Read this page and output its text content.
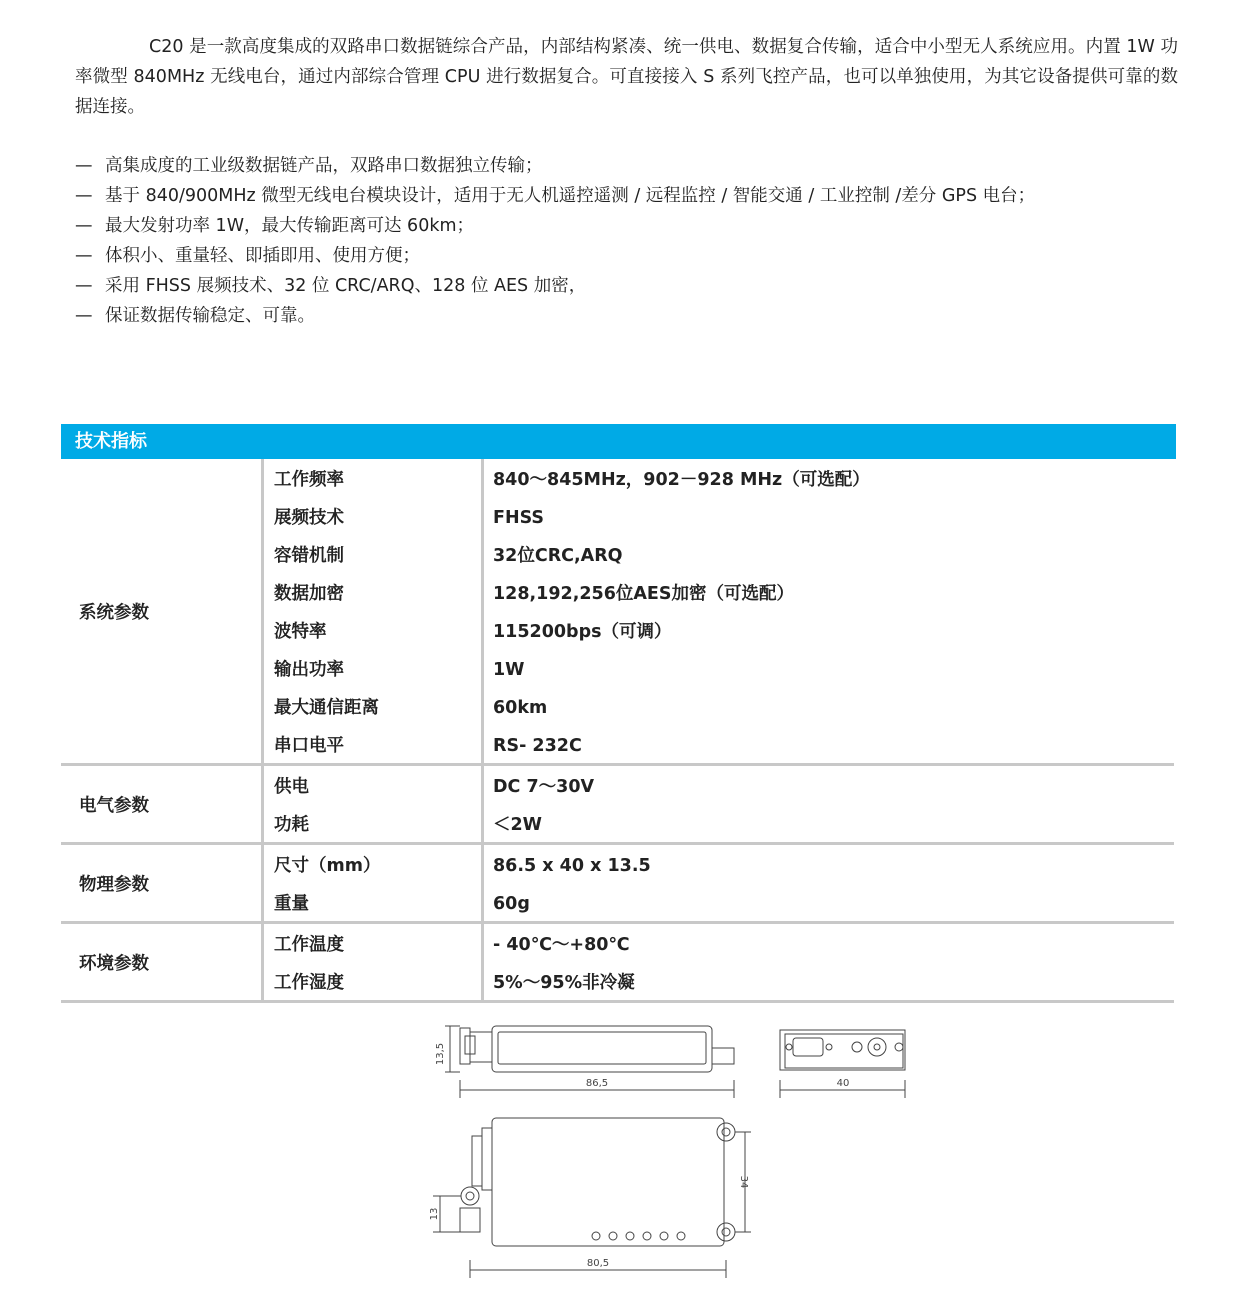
C20 是一款高度集成的双路串口数据链综合产品，内部结构紧凑、统一供电、数据复合传输，适合中小型无人系统应用。内置 1W 功率微型 840MHz 无线电台，通过内部综合管理 CPU 进行数据复合。可直接接入 S 系列飞控产品，也可以单独使用，为其它设备提供可靠的数据连接。
— 高集成度的工业级数据链产品，双路串口数据独立传输；
— 基于 840/900MHz 微型无线电台模块设计，适用于无人机遥控遥测 / 远程监控 / 智能交通 / 工业控制 /差分 GPS 电台；
— 最大发射功率 1W，最大传输距离可达 60km；
— 体积小、重量轻、即插即用、使用方便；
— 采用 FHSS 展频技术、32 位 CRC/ARQ、128 位 AES 加密，
— 保证数据传输稳定、可靠。
技术指标
系统参数
工作频率	840～845MHz，902－928 MHz（可选配）
展频技术	FHSS
容错机制	32位CRC,ARQ
数据加密	128,192,256位AES加密（可选配）
波特率	115200bps（可调）
输出功率	1W
最大通信距离	60km
串口电平	RS- 232C
电气参数
供电	DC 7～30V
功耗	＜2W
物理参数
尺寸（mm）	86.5 x 40 x 13.5
重量	60g
环境参数
工作温度	- 40℃～+80℃
工作湿度	5%～95%非冷凝
13,5
86,5	40
34
13
80,5
